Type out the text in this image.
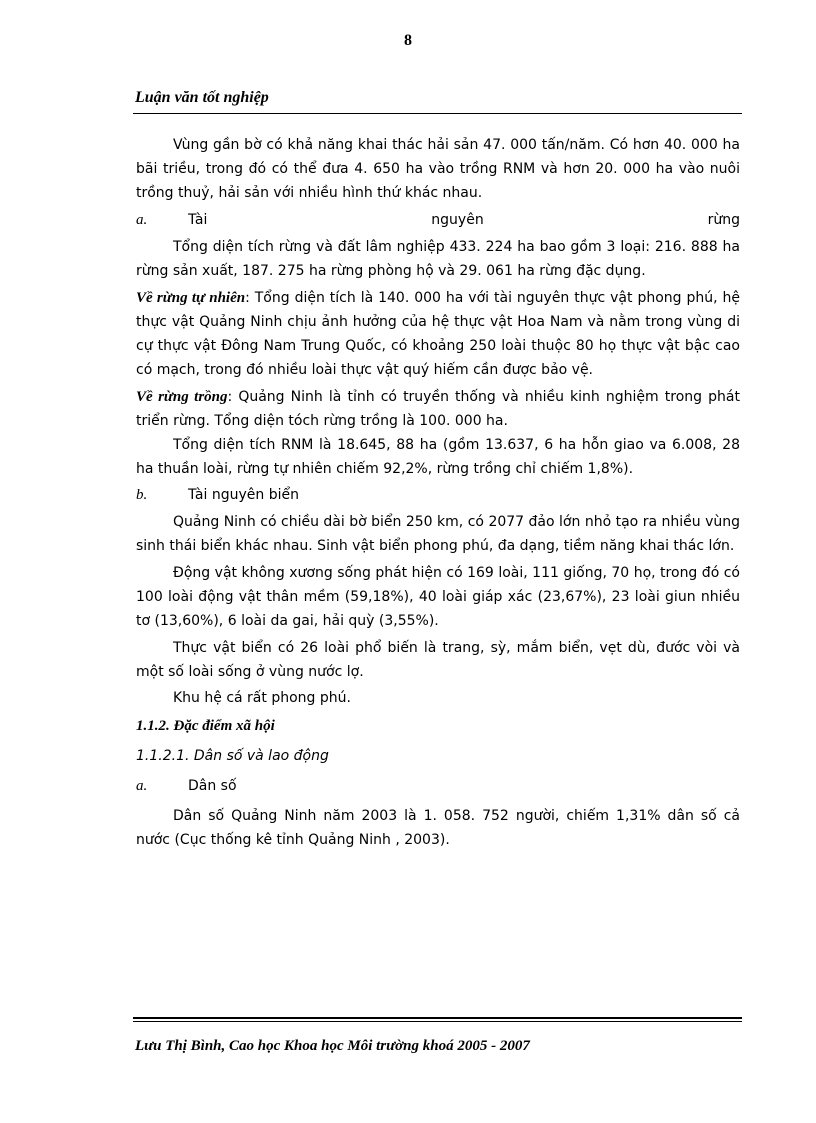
8
Luận văn tốt nghiệp

Vùng gần bờ có khả năng khai thác hải sản 47. 000 tấn/năm. Có hơn 40. 000 ha bãi triều, trong đó có thể đưa 4. 650 ha vào trồng RNM và hơn 20. 000 ha vào nuôi trồng thuỷ, hải sản với nhiều hình thứ khác nhau.

a.	Tài	nguyên	rừng

Tổng diện tích rừng và đất lâm nghiệp 433. 224 ha bao gồm 3 loại: 216. 888 ha rừng sản xuất, 187. 275 ha rừng phòng hộ và 29. 061 ha rừng đặc dụng.

Về rừng tự nhiên: Tổng diện tích là 140. 000 ha với tài nguyên thực vật phong phú, hệ thực vật Quảng Ninh chịu ảnh hưởng của hệ thực vật Hoa Nam và nằm trong vùng di cự thực vật Đông Nam Trung Quốc, có khoảng 250 loài thuộc 80 họ thực vật bậc cao có mạch, trong đó nhiều loài thực vật quý hiếm cần được bảo vệ.

Về rừng trồng: Quảng Ninh là tỉnh có truyền thống và nhiều kinh nghiệm trong phát triển rừng. Tổng diện tóch rừng trồng là 100. 000 ha.

Tổng diện tích RNM là 18.645, 88 ha (gồm 13.637, 6 ha hỗn giao va 6.008, 28 ha thuần loài, rừng tự nhiên chiếm 92,2%, rừng trồng chỉ chiếm 1,8%).

b.	Tài nguyên biển

Quảng Ninh có chiều dài bờ biển 250 km, có 2077 đảo lớn nhỏ tạo ra nhiều vùng sinh thái biển khác nhau. Sinh vật biển phong phú, đa dạng, tiềm năng khai thác lớn.

Động vật không xương sống phát hiện có 169 loài, 111 giống, 70 họ, trong đó có 100 loài động vật thân mềm (59,18%), 40 loài giáp xác (23,67%), 23 loài giun nhiều tơ (13,60%), 6 loài da gai, hải quỳ (3,55%).

Thực vật biển có 26 loài phổ biến là trang, sỳ, mắm biển, vẹt dù, đước vòi và một số loài sống ở vùng nước lợ.

Khu hệ cá rất phong phú.

1.1.2. Đặc điểm xã hội

1.1.2.1. Dân số và lao động

a.	Dân số

Dân số Quảng Ninh năm 2003 là 1. 058. 752 người, chiếm 1,31% dân số cả nước (Cục thống kê tỉnh Quảng Ninh , 2003).

Lưu Thị Bình, Cao học Khoa học Môi trường khoá 2005 - 2007
